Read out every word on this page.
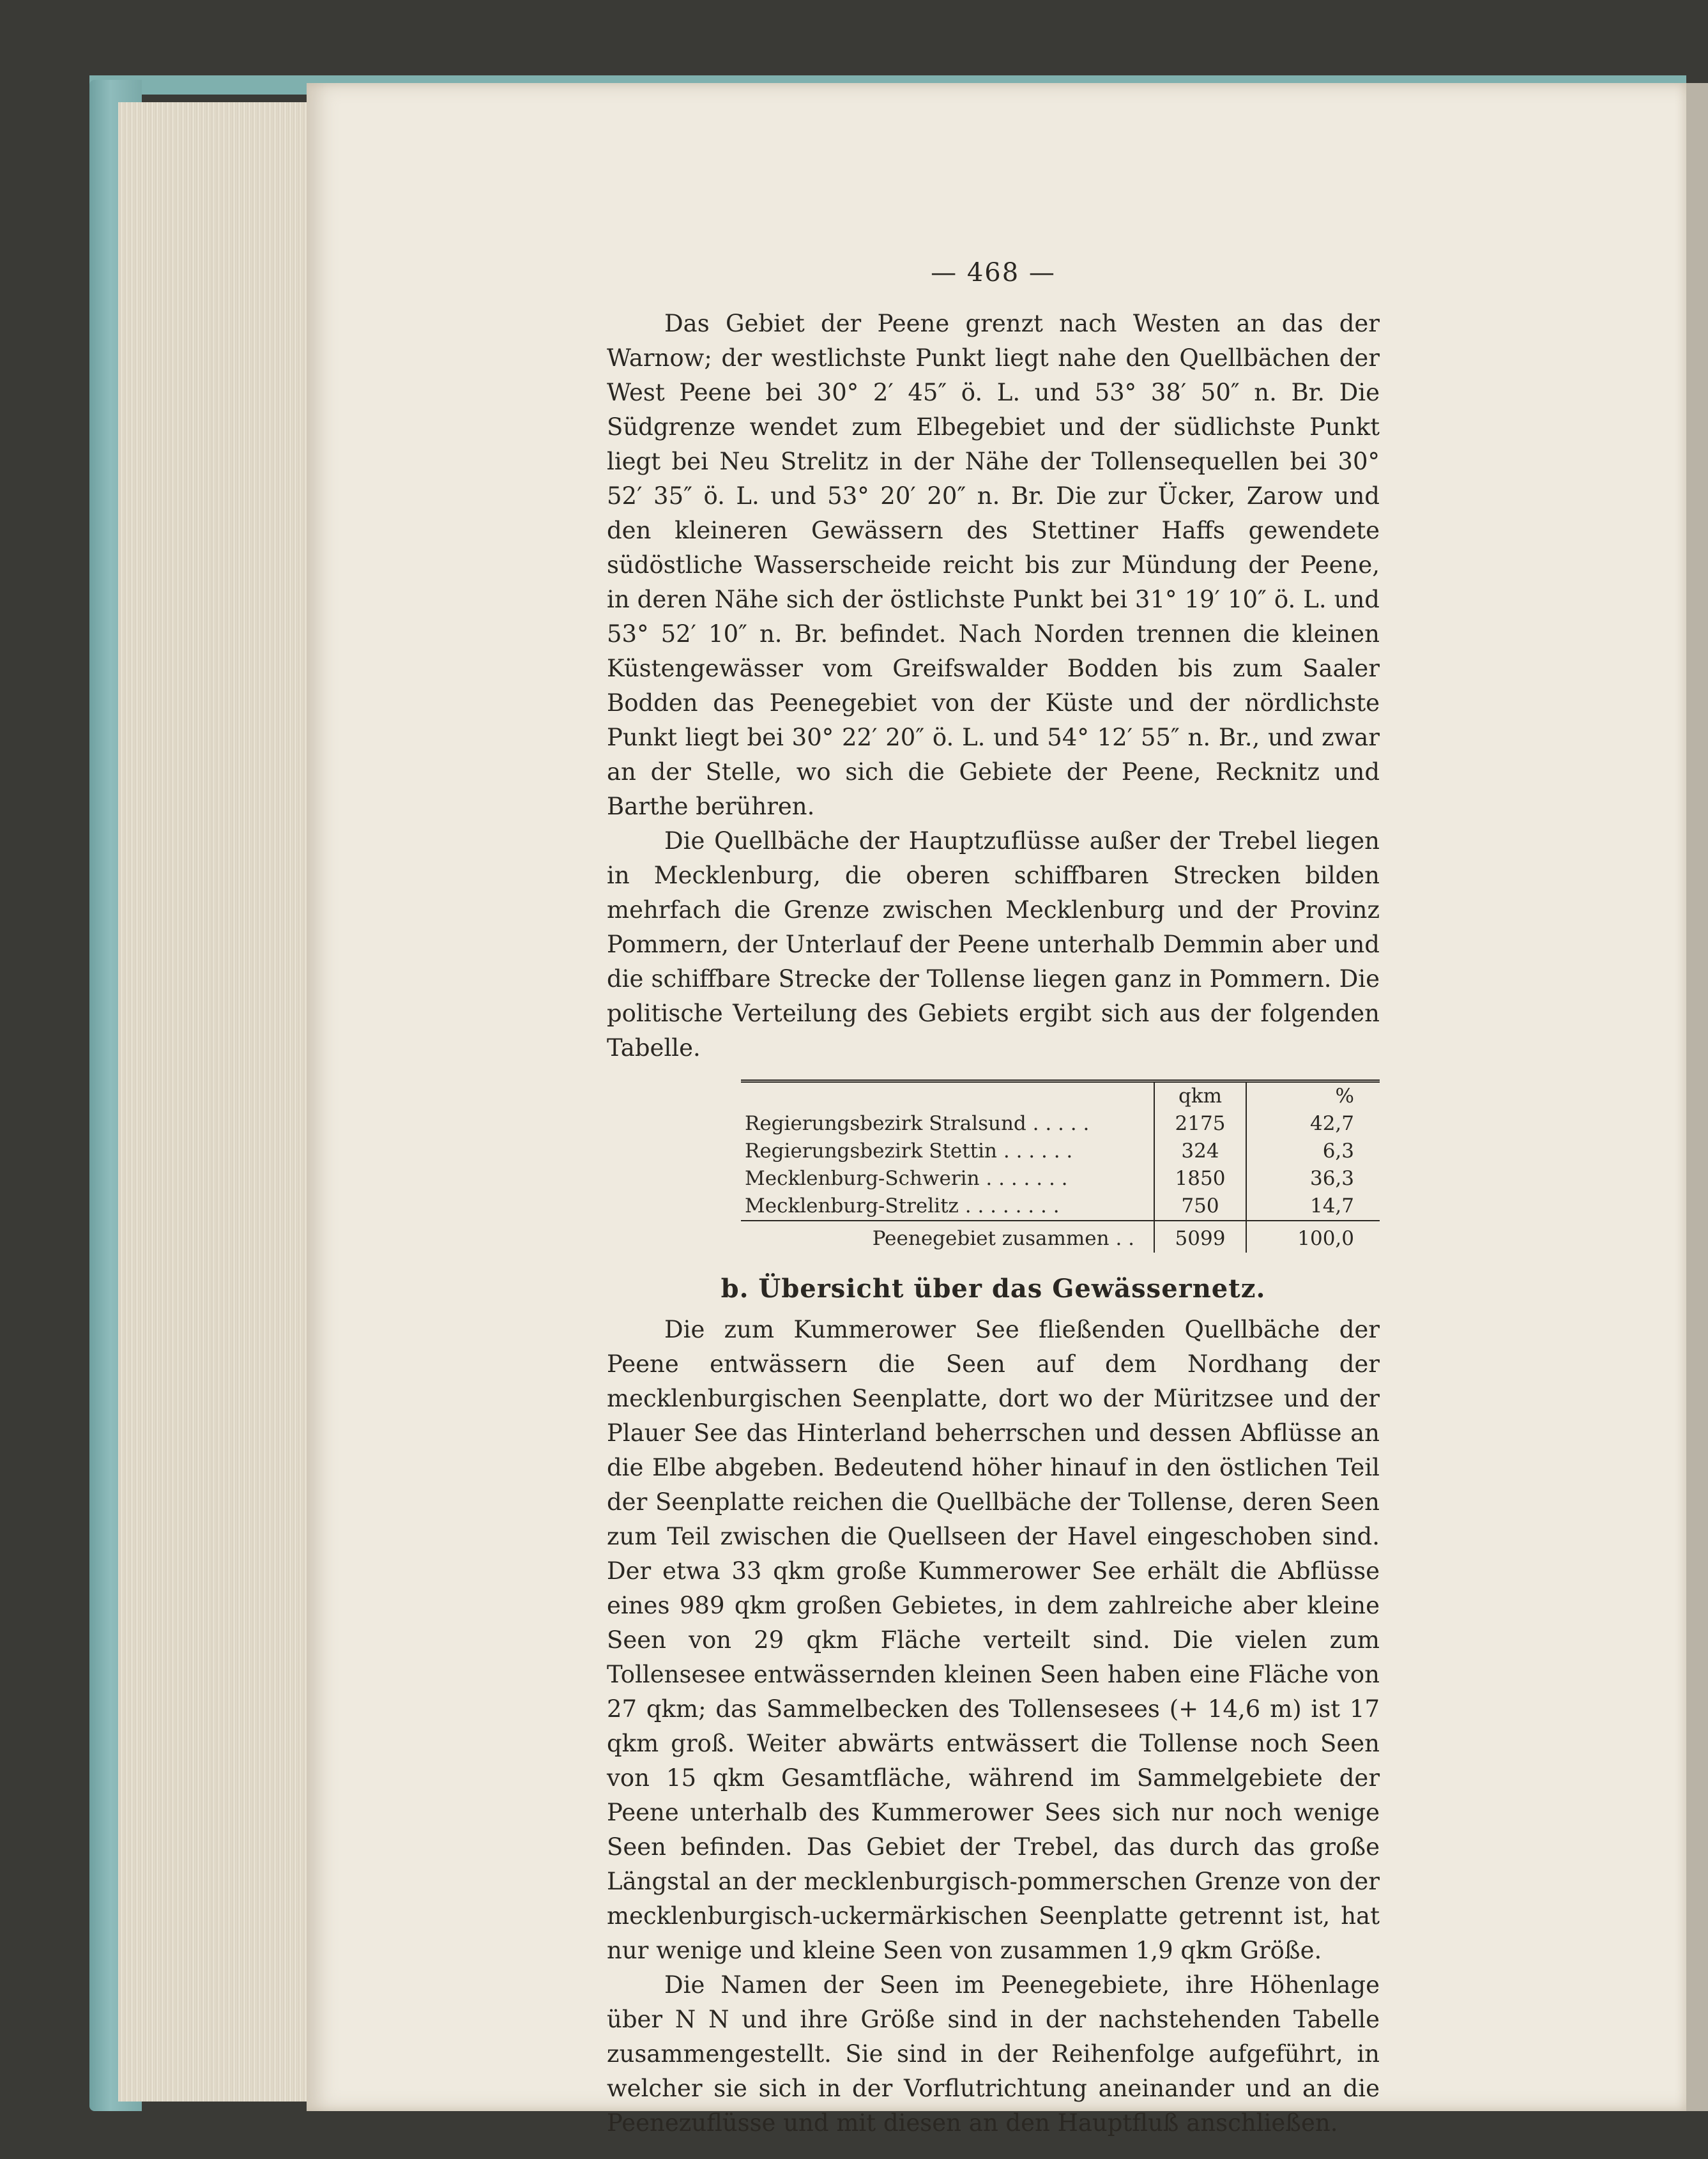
— 468 —

Das Gebiet der Peene grenzt nach Westen an das der Warnow; der westlichste Punkt liegt nahe den Quellbächen der West Peene bei 30° 2′ 45″ ö. L. und 53° 38′ 50″ n. Br. Die Südgrenze wendet zum Elbegebiet und der südlichste Punkt liegt bei Neu Strelitz in der Nähe der Tollensequellen bei 30° 52′ 35″ ö. L. und 53° 20′ 20″ n. Br. Die zur Ücker, Zarow und den kleineren Gewässern des Stettiner Haffs gewendete südöstliche Wasserscheide reicht bis zur Mündung der Peene, in deren Nähe sich der östlichste Punkt bei 31° 19′ 10″ ö. L. und 53° 52′ 10″ n. Br. befindet. Nach Norden trennen die kleinen Küstengewässer vom Greifswalder Bodden bis zum Saaler Bodden das Peenegebiet von der Küste und der nördlichste Punkt liegt bei 30° 22′ 20″ ö. L. und 54° 12′ 55″ n. Br., und zwar an der Stelle, wo sich die Gebiete der Peene, Recknitz und Barthe berühren.

Die Quellbäche der Hauptzuflüsse außer der Trebel liegen in Mecklenburg, die oberen schiffbaren Strecken bilden mehrfach die Grenze zwischen Mecklenburg und der Provinz Pommern, der Unterlauf der Peene unterhalb Demmin aber und die schiffbare Strecke der Tollense liegen ganz in Pommern. Die politische Verteilung des Gebiets ergibt sich aus der folgenden Tabelle.

	qkm	%
Regierungsbezirk Stralsund . . . . .	2175	42,7
Regierungsbezirk Stettin . . . . . .	324	6,3
Mecklenburg-Schwerin . . . . . . .	1850	36,3
Mecklenburg-Strelitz . . . . . . . .	750	14,7
Peenegebiet zusammen . .	5099	100,0
b. Übersicht über das Gewässernetz.

Die zum Kummerower See fließenden Quellbäche der Peene entwässern die Seen auf dem Nordhang der mecklenburgischen Seenplatte, dort wo der Müritzsee und der Plauer See das Hinterland beherrschen und dessen Abflüsse an die Elbe abgeben. Bedeutend höher hinauf in den östlichen Teil der Seenplatte reichen die Quellbäche der Tollense, deren Seen zum Teil zwischen die Quellseen der Havel eingeschoben sind. Der etwa 33 qkm große Kummerower See erhält die Abflüsse eines 989 qkm großen Gebietes, in dem zahlreiche aber kleine Seen von 29 qkm Fläche verteilt sind. Die vielen zum Tollensesee entwässernden kleinen Seen haben eine Fläche von 27 qkm; das Sammelbecken des Tollensesees (+ 14,6 m) ist 17 qkm groß. Weiter abwärts entwässert die Tollense noch Seen von 15 qkm Gesamtfläche, während im Sammelgebiete der Peene unterhalb des Kummerower Sees sich nur noch wenige Seen befinden. Das Gebiet der Trebel, das durch das große Längstal an der mecklenburgisch-pommerschen Grenze von der mecklenburgisch-uckermärkischen Seenplatte getrennt ist, hat nur wenige und kleine Seen von zusammen 1,9 qkm Größe.

Die Namen der Seen im Peenegebiete, ihre Höhenlage über N N und ihre Größe sind in der nachstehenden Tabelle zusammengestellt. Sie sind in der Reihenfolge aufgeführt, in welcher sie sich in der Vorflutrichtung aneinander und an die Peenezuflüsse und mit diesen an den Hauptfluß anschließen.
